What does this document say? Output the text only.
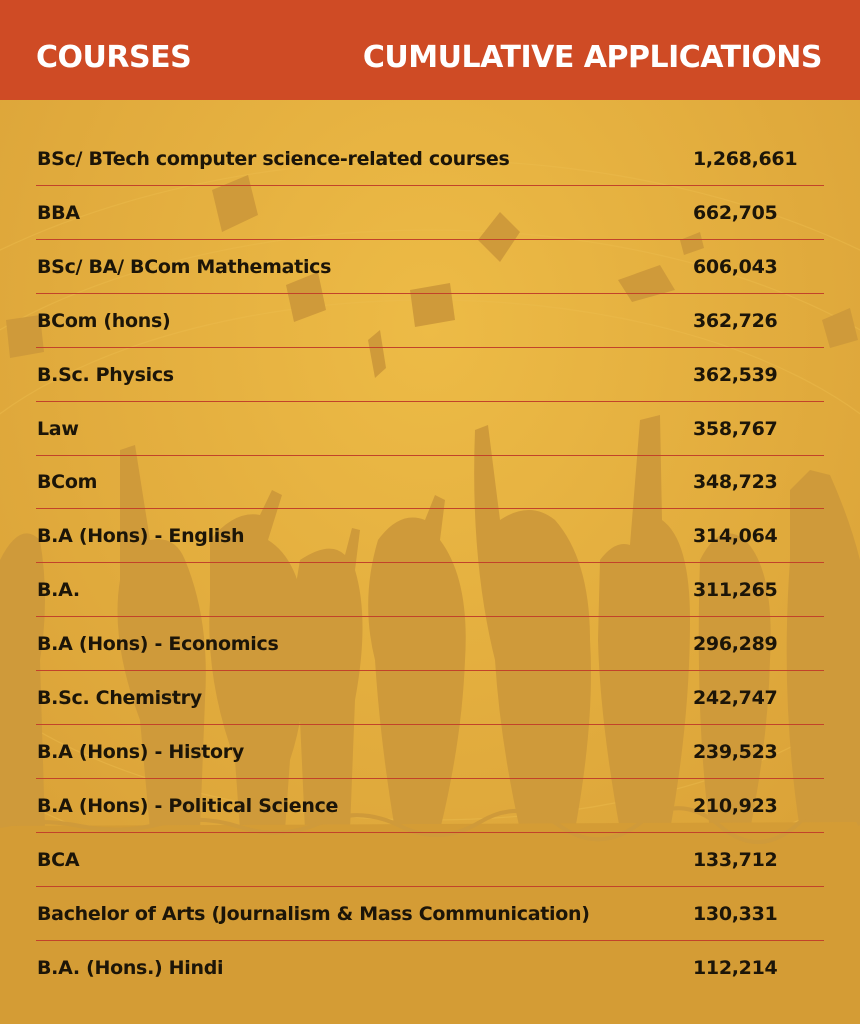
COURSES	CUMULATIVE APPLICATIONS
BSc/ BTech computer science-related courses	1,268,661
BBA	662,705
BSc/ BA/ BCom Mathematics	606,043
BCom (hons)	362,726
B.Sc. Physics	362,539
Law	358,767
BCom	348,723
B.A (Hons) - English	314,064
B.A.	311,265
B.A (Hons) - Economics	296,289
B.Sc. Chemistry	242,747
B.A (Hons) - History	239,523
B.A (Hons) - Political Science	210,923
BCA	133,712
Bachelor of Arts (Journalism & Mass Communication)	130,331
B.A. (Hons.) Hindi	112,214
